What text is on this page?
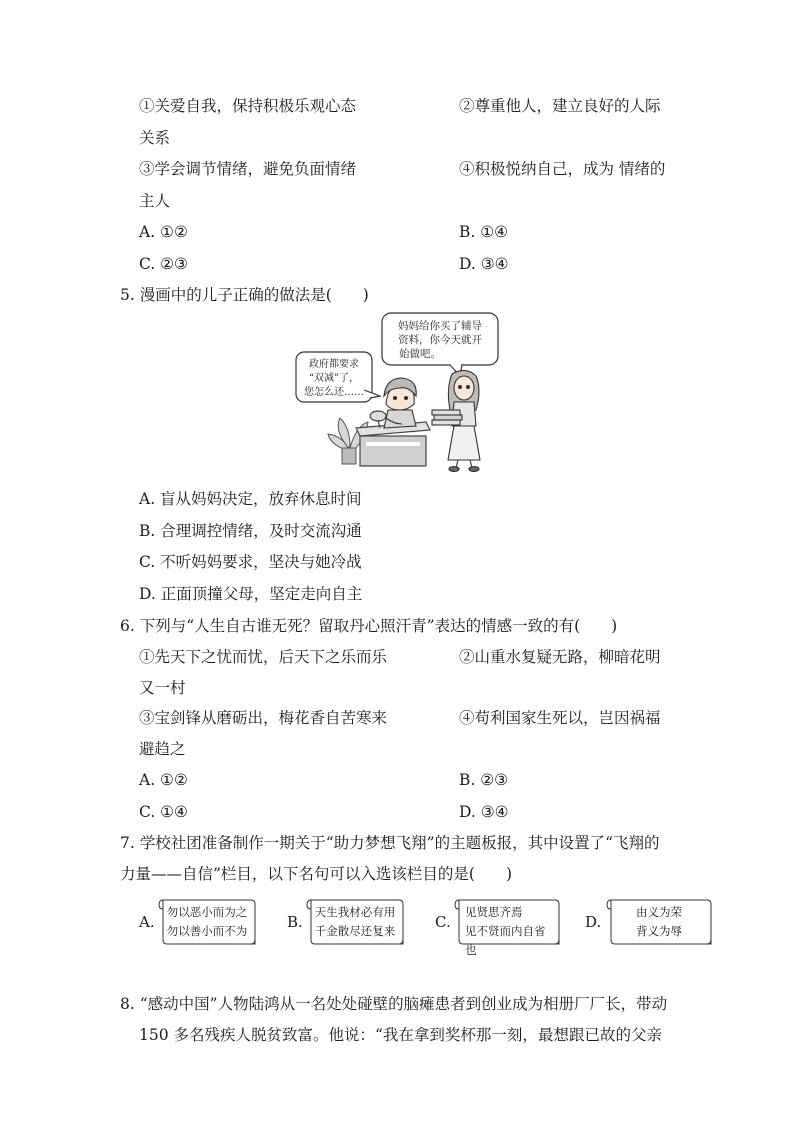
①关爱自我，保持积极乐观心态	②尊重他人，建立良好的人际
关系
③学会调节情绪，避免负面情绪	④积极悦纳自己，成为 情绪的
主人
A. ①②	B. ①④
C. ②③	D. ③④
5. 漫画中的儿子正确的做法是(　　)
妈妈给你买了辅导
资料，你今天就开
始做吧。
政府都要求
“双减”了，
您怎么还……
A. 盲从妈妈决定，放弃休息时间
B. 合理调控情绪，及时交流沟通
C. 不听妈妈要求，坚决与她冷战
D. 正面顶撞父母，坚定走向自主
6. 下列与“人生自古谁无死？留取丹心照汗青”表达的情感一致的有(　　)
①先天下之忧而忧，后天下之乐而乐	②山重水复疑无路，柳暗花明
又一村
③宝剑锋从磨砺出，梅花香自苦寒来	④苟利国家生死以，岂因祸福
避趋之
A. ①②	B. ②③
C. ①④	D. ③④
7. 学校社团准备制作一期关于“助力梦想飞翔”的主题板报，其中设置了“飞翔的
力量——自信”栏目，以下名句可以入选该栏目的是(　　)
A.
勿以恶小而为之
勿以善小而不为	B.
天生我材必有用
千金散尽还复来	C.
见贤思齐焉
见不贤而内自省也
D.
由义为荣
背义为辱
8. “感动中国”人物陆鸿从一名处处碰壁的脑瘫患者到创业成为相册厂厂长，带动
150 多名残疾人脱贫致富。他说：“我在拿到奖杯那一刻，最想跟已故的父亲
